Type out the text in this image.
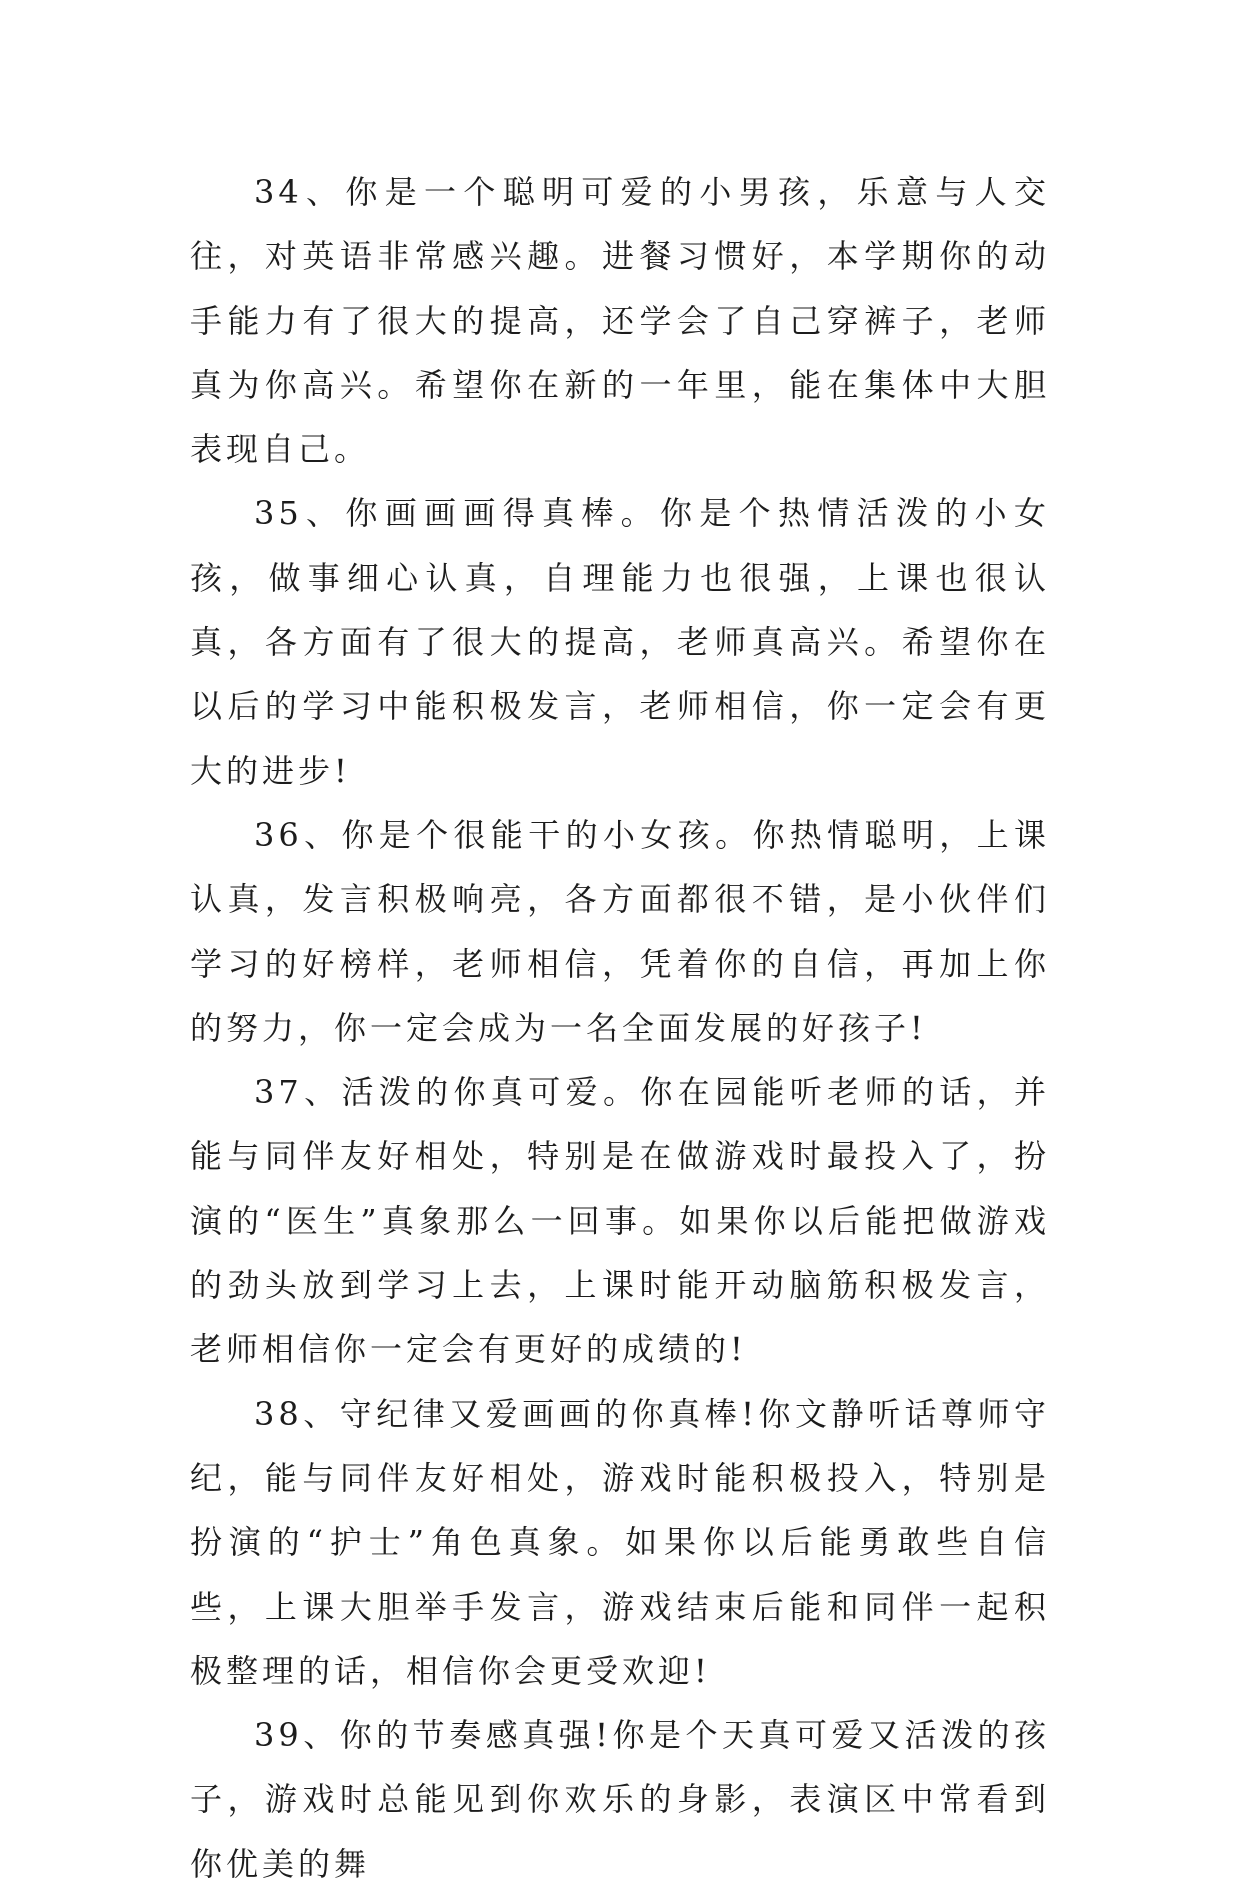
34、你是一个聪明可爱的小男孩，乐意与人交往，对英语非常感兴趣。进餐习惯好，本学期你的动手能力有了很大的提高，还学会了自己穿裤子，老师真为你高兴。希望你在新的一年里，能在集体中大胆表现自己。

35、你画画画得真棒。你是个热情活泼的小女孩，做事细心认真，自理能力也很强，上课也很认真，各方面有了很大的提高，老师真高兴。希望你在以后的学习中能积极发言，老师相信，你一定会有更大的进步!

36、你是个很能干的小女孩。你热情聪明，上课认真，发言积极响亮，各方面都很不错，是小伙伴们学习的好榜样，老师相信，凭着你的自信，再加上你的努力，你一定会成为一名全面发展的好孩子!

37、活泼的你真可爱。你在园能听老师的话，并能与同伴友好相处，特别是在做游戏时最投入了，扮演的“医生”真象那么一回事。如果你以后能把做游戏的劲头放到学习上去，上课时能开动脑筋积极发言，老师相信你一定会有更好的成绩的!

38、守纪律又爱画画的你真棒!你文静听话尊师守纪，能与同伴友好相处，游戏时能积极投入，特别是扮演的“护士”角色真象。如果你以后能勇敢些自信些，上课大胆举手发言，游戏结束后能和同伴一起积极整理的话，相信你会更受欢迎!

39、你的节奏感真强!你是个天真可爱又活泼的孩子，游戏时总能见到你欢乐的身影，表演区中常看到你优美的舞
